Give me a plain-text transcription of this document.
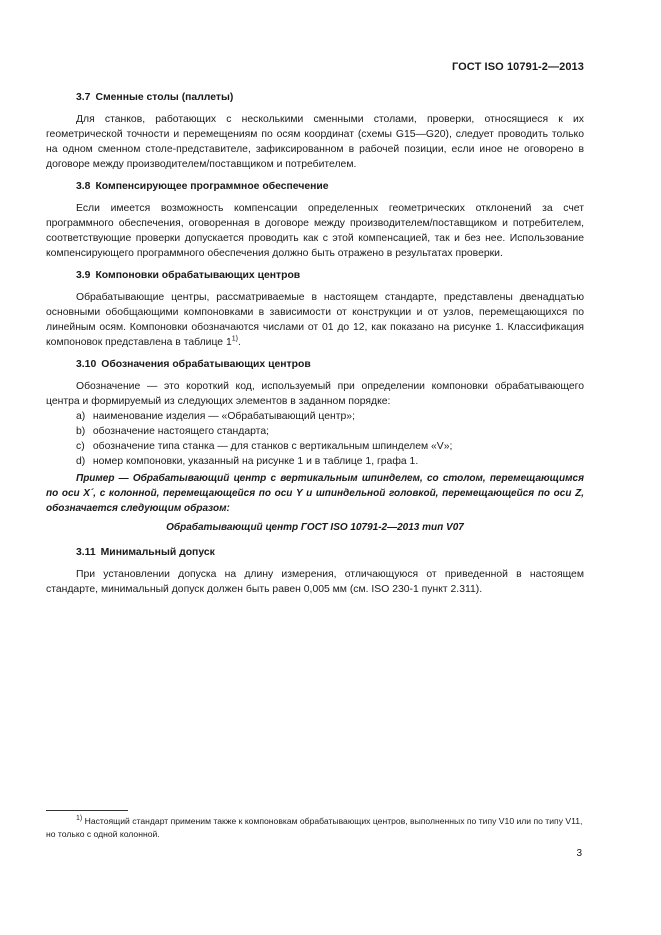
ГОСТ ISO 10791-2—2013
3.7 Сменные столы (паллеты)
Для станков, работающих с несколькими сменными столами, проверки, относящиеся к их геометрической точности и перемещениям по осям координат (схемы G15—G20), следует проводить только на одном сменном столе-представителе, зафиксированном в рабочей позиции, если иное не оговорено в договоре между производителем/поставщиком и потребителем.
3.8 Компенсирующее программное обеспечение
Если имеется возможность компенсации определенных геометрических отклонений за счет программного обеспечения, оговоренная в договоре между производителем/поставщиком и потребителем, соответствующие проверки допускается проводить как с этой компенсацией, так и без нее. Использование компенсирующего программного обеспечения должно быть отражено в результатах проверки.
3.9 Компоновки обрабатывающих центров
Обрабатывающие центры, рассматриваемые в настоящем стандарте, представлены двенадцатью основными обобщающими компоновками в зависимости от конструкции и от узлов, перемещающихся по линейным осям. Компоновки обозначаются числами от 01 до 12, как показано на рисунке 1. Классификация компоновок представлена в таблице 1$^{1)}$.
3.10 Обозначения обрабатывающих центров
Обозначение — это короткий код, используемый при определении компоновки обрабатывающего центра и формируемый из следующих элементов в заданном порядке:
a) наименование изделия — «Обрабатывающий центр»;
b) обозначение настоящего стандарта;
c) обозначение типа станка — для станков с вертикальным шпинделем «V»;
d) номер компоновки, указанный на рисунке 1 и в таблице 1, графа 1.
Пример — Обрабатывающий центр с вертикальным шпинделем, со столом, перемещающимся по оси X´, с колонной, перемещающейся по оси Y и шпиндельной головкой, перемещающейся по оси Z, обозначается следующим образом:
Обрабатывающий центр ГОСТ ISO 10791-2—2013 тип V07
3.11 Минимальный допуск
При установлении допуска на длину измерения, отличающуюся от приведенной в настоящем стандарте, минимальный допуск должен быть равен 0,005 мм (см. ISO 230-1 пункт 2.311).
$^{1)}$ Настоящий стандарт применим также к компоновкам обрабатывающих центров, выполненных по типу V10 или по типу V11, но только с одной колонной.
3
